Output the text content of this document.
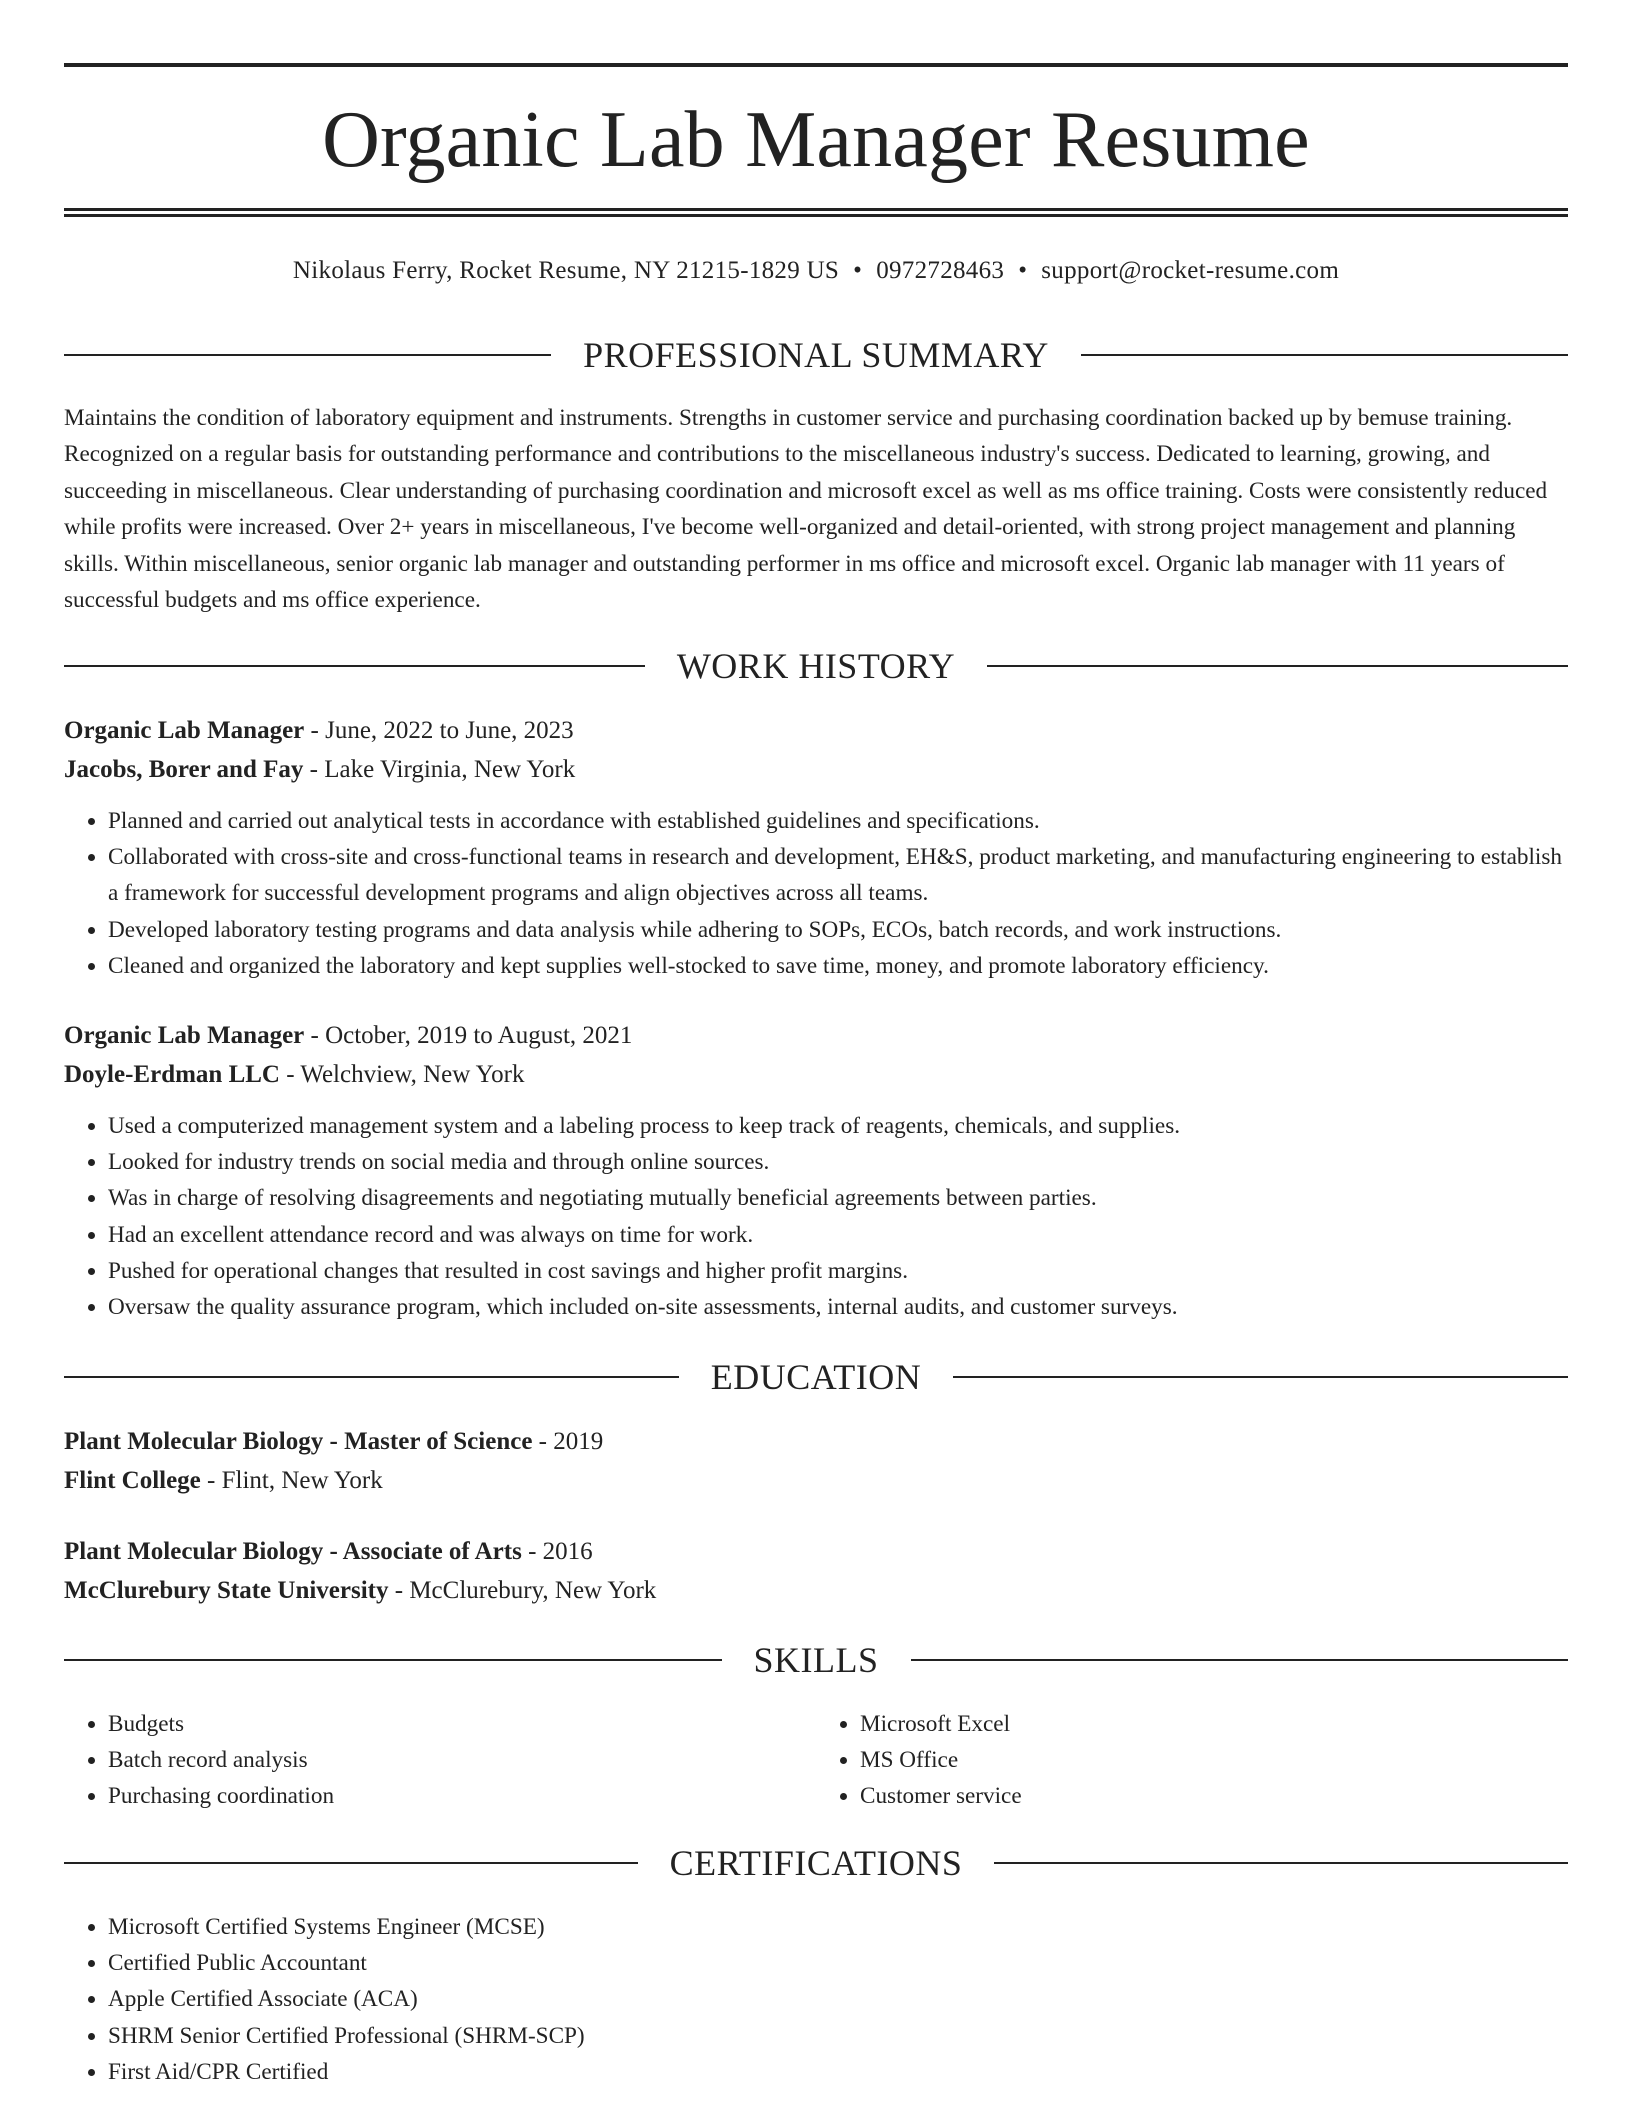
Organic Lab Manager Resume
Nikolaus Ferry, Rocket Resume, NY 21215-1829 US • 0972728463 • support@rocket-resume.com
PROFESSIONAL SUMMARY
Maintains the condition of laboratory equipment and instruments. Strengths in customer service and purchasing coordination backed up by bemuse training. Recognized on a regular basis for outstanding performance and contributions to the miscellaneous industry's success. Dedicated to learning, growing, and succeeding in miscellaneous. Clear understanding of purchasing coordination and microsoft excel as well as ms office training. Costs were consistently reduced while profits were increased. Over 2+ years in miscellaneous, I've become well-organized and detail-oriented, with strong project management and planning skills. Within miscellaneous, senior organic lab manager and outstanding performer in ms office and microsoft excel. Organic lab manager with 11 years of successful budgets and ms office experience.
WORK HISTORY

Organic Lab Manager - June, 2022 to June, 2023

Jacobs, Borer and Fay - Lake Virginia, New York

• Planned and carried out analytical tests in accordance with established guidelines and specifications.
• Collaborated with cross-site and cross-functional teams in research and development, EH&S, product marketing, and manufacturing engineering to establish a framework for successful development programs and align objectives across all teams.
• Developed laboratory testing programs and data analysis while adhering to SOPs, ECOs, batch records, and work instructions.
• Cleaned and organized the laboratory and kept supplies well-stocked to save time, money, and promote laboratory efficiency.

Organic Lab Manager - October, 2019 to August, 2021

Doyle-Erdman LLC - Welchview, New York

• Used a computerized management system and a labeling process to keep track of reagents, chemicals, and supplies.
• Looked for industry trends on social media and through online sources.
• Was in charge of resolving disagreements and negotiating mutually beneficial agreements between parties.
• Had an excellent attendance record and was always on time for work.
• Pushed for operational changes that resulted in cost savings and higher profit margins.
• Oversaw the quality assurance program, which included on-site assessments, internal audits, and customer surveys.
EDUCATION

Plant Molecular Biology - Master of Science - 2019

Flint College - Flint, New York

Plant Molecular Biology - Associate of Arts - 2016

McClurebury State University - McClurebury, New York

SKILLS
• Budgets
• Batch record analysis
• Purchasing coordination
• Microsoft Excel
• MS Office
• Customer service
CERTIFICATIONS
• Microsoft Certified Systems Engineer (MCSE)
• Certified Public Accountant
• Apple Certified Associate (ACA)
• SHRM Senior Certified Professional (SHRM-SCP)
• First Aid/CPR Certified
